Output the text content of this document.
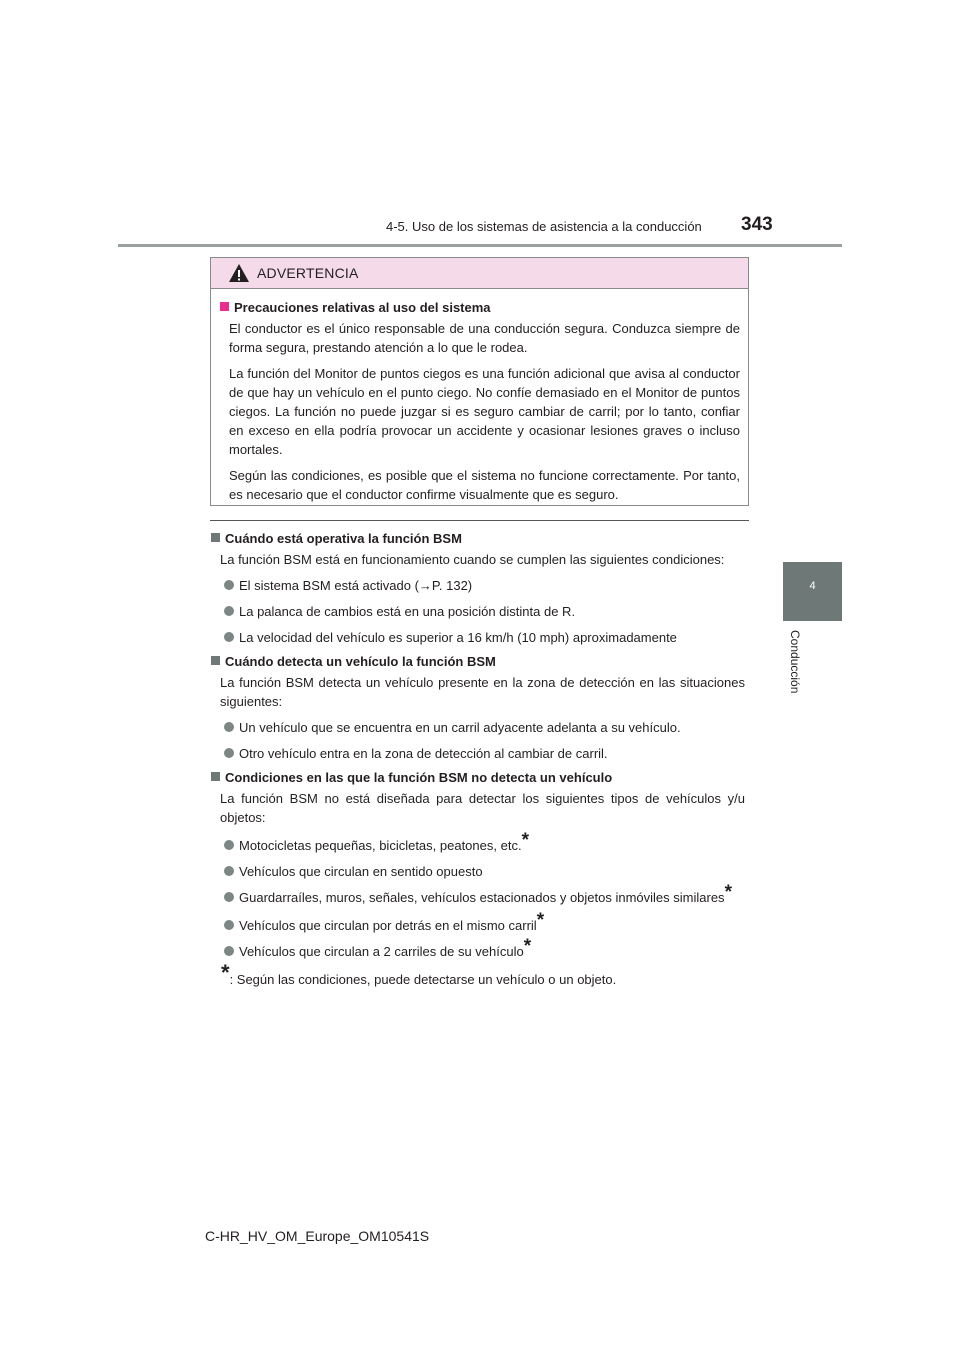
4-5. Uso de los sistemas de asistencia a la conducción 343
4
Conducción
ADVERTENCIA

Precauciones relativas al uso del sistema

El conductor es el único responsable de una conducción segura. Conduzca siempre de forma segura, prestando atención a lo que le rodea.

La función del Monitor de puntos ciegos es una función adicional que avisa al conductor de que hay un vehículo en el punto ciego. No confíe demasiado en el Monitor de puntos ciegos. La función no puede juzgar si es seguro cambiar de carril; por lo tanto, confiar en exceso en ella podría provocar un accidente y ocasionar lesiones graves o incluso mortales.

Según las condiciones, es posible que el sistema no funcione correctamente. Por tanto, es necesario que el conductor confirme visualmente que es seguro.

Cuándo está operativa la función BSM

La función BSM está en funcionamiento cuando se cumplen las siguientes condiciones:

El sistema BSM está activado (→P. 132)

La palanca de cambios está en una posición distinta de R.

La velocidad del vehículo es superior a 16 km/h (10 mph) aproximadamente

Cuándo detecta un vehículo la función BSM

La función BSM detecta un vehículo presente en la zona de detección en las situaciones siguientes:

Un vehículo que se encuentra en un carril adyacente adelanta a su vehículo.

Otro vehículo entra en la zona de detección al cambiar de carril.

Condiciones en las que la función BSM no detecta un vehículo

La función BSM no está diseñada para detectar los siguientes tipos de vehículos y/u objetos:

Motocicletas pequeñas, bicicletas, peatones, etc.*

Vehículos que circulan en sentido opuesto

Guardarraíles, muros, señales, vehículos estacionados y objetos inmóviles similares*

Vehículos que circulan por detrás en el mismo carril*

Vehículos que circulan a 2 carriles de su vehículo*

*: Según las condiciones, puede detectarse un vehículo o un objeto.

C-HR_HV_OM_Europe_OM10541S
